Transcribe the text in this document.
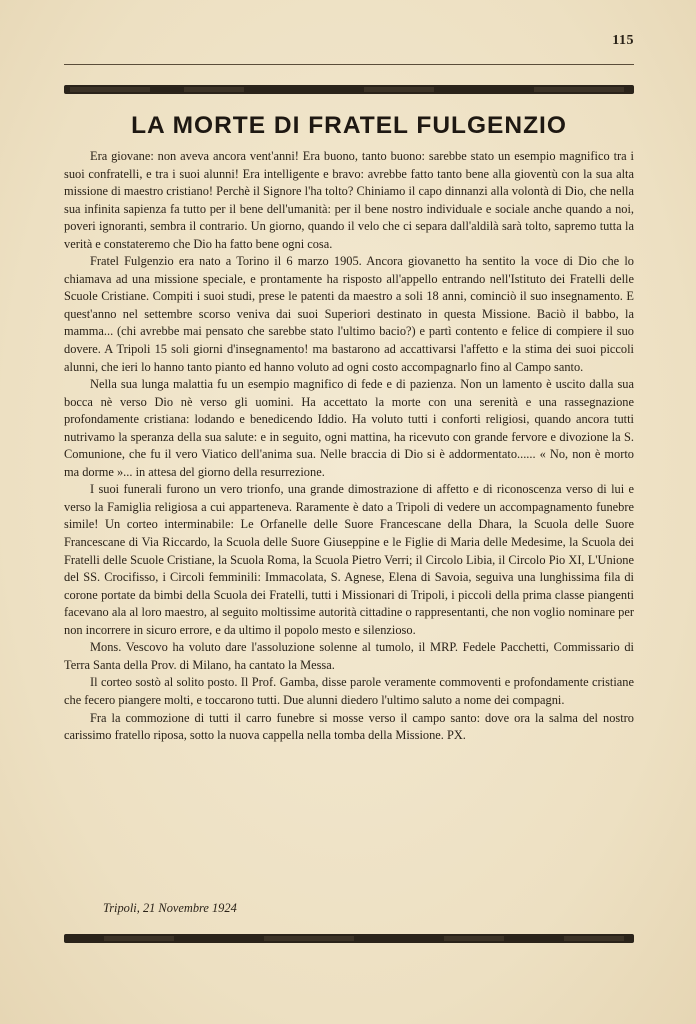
115
LA MORTE DI FRATEL FULGENZIO

Era giovane: non aveva ancora vent'anni! Era buono, tanto buono: sarebbe stato un esempio magnifico tra i suoi confratelli, e tra i suoi alunni! Era intelligente e bravo: avrebbe fatto tanto bene alla gioventù con la sua alta missione di maestro cristiano! Perchè il Signore l'ha tolto? Chiniamo il capo dinnanzi alla volontà di Dio, che nella sua infinita sapienza fa tutto per il bene dell'umanità: per il bene nostro individuale e sociale anche quando a noi, poveri ignoranti, sembra il contrario. Un giorno, quando il velo che ci separa dall'aldilà sarà tolto, sapremo tutta la verità e constateremo che Dio ha fatto bene ogni cosa.

Fratel Fulgenzio era nato a Torino il 6 marzo 1905. Ancora giovanetto ha sentito la voce di Dio che lo chiamava ad una missione speciale, e prontamente ha risposto all'appello entrando nell'Istituto dei Fratelli delle Scuole Cristiane. Compiti i suoi studi, prese le patenti da maestro a soli 18 anni, cominciò il suo insegnamento. E quest'anno nel settembre scorso veniva dai suoi Superiori destinato in questa Missione. Baciò il babbo, la mamma... (chi avrebbe mai pensato che sarebbe stato l'ultimo bacio?) e partì contento e felice di compiere il suo dovere. A Tripoli 15 soli giorni d'insegnamento! ma bastarono ad accattivarsi l'affetto e la stima dei suoi piccoli alunni, che ieri lo hanno tanto pianto ed hanno voluto ad ogni costo accompagnarlo fino al Campo santo.

Nella sua lunga malattia fu un esempio magnifico di fede e di pazienza. Non un lamento è uscito dalla sua bocca nè verso Dio nè verso gli uomini. Ha accettato la morte con una serenità e una rassegnazione profondamente cristiana: lodando e benedicendo Iddio. Ha voluto tutti i conforti religiosi, quando ancora tutti nutrivamo la speranza della sua salute: e in seguito, ogni mattina, ha ricevuto con grande fervore e divozione la S. Comunione, che fu il vero Viatico dell'anima sua. Nelle braccia di Dio si è addormentato...... « No, non è morto ma dorme »... in attesa del giorno della resurrezione.

I suoi funerali furono un vero trionfo, una grande dimostrazione di affetto e di riconoscenza verso di lui e verso la Famiglia religiosa a cui apparteneva. Raramente è dato a Tripoli di vedere un accompagnamento funebre simile! Un corteo interminabile: Le Orfanelle delle Suore Francescane della Dhara, la Scuola delle Suore Francescane di Via Riccardo, la Scuola delle Suore Giuseppine e le Figlie di Maria delle Medesime, la Scuola dei Fratelli delle Scuole Cristiane, la Scuola Roma, la Scuola Pietro Verri; il Circolo Libia, il Circolo Pio XI, L'Unione del SS. Crocifisso, i Circoli femminili: Immacolata, S. Agnese, Elena di Savoia, seguiva una lunghissima fila di corone portate da bimbi della Scuola dei Fratelli, tutti i Missionari di Tripoli, i piccoli della prima classe piangenti facevano ala al loro maestro, al seguito moltissime autorità cittadine o rappresentanti, che non voglio nominare per non incorrere in sicuro errore, e da ultimo il popolo mesto e silenzioso.

Mons. Vescovo ha voluto dare l'assoluzione solenne al tumolo, il MRP. Fedele Pacchetti, Commissario di Terra Santa della Prov. di Milano, ha cantato la Messa.

Il corteo sostò al solito posto. Il Prof. Gamba, disse parole veramente commoventi e profondamente cristiane che fecero piangere molti, e toccarono tutti. Due alunni diedero l'ultimo saluto a nome dei compagni.

Fra la commozione di tutti il carro funebre si mosse verso il campo santo: dove ora la salma del nostro carissimo fratello riposa, sotto la nuova cappella nella tomba della Missione. PX.

Tripoli, 21 Novembre 1924
